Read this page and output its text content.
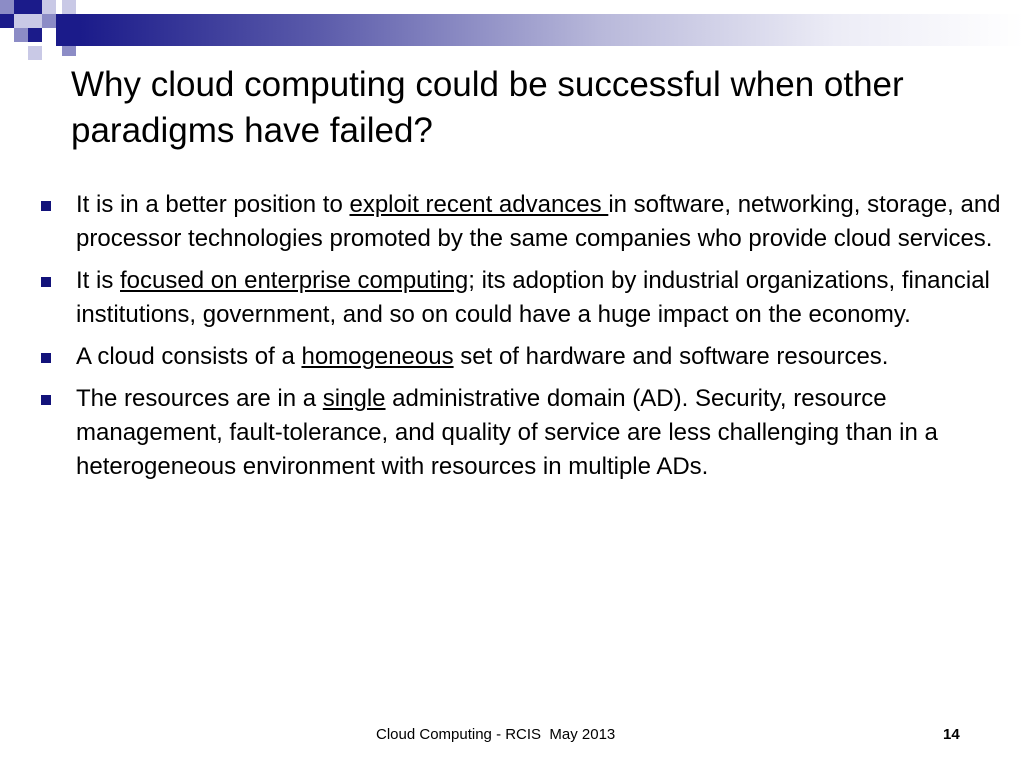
Why cloud computing could be successful when other paradigms have failed?
It is in a better position to exploit recent advances in software, networking, storage, and processor technologies promoted by the same companies who provide cloud services.
It is focused on enterprise computing; its adoption by industrial organizations, financial institutions, government, and so on could have a huge impact on the economy.
A cloud consists of a homogeneous set of hardware and software resources.
The resources are in a single administrative domain (AD). Security, resource management, fault-tolerance, and quality of service are less challenging than in a heterogeneous environment with resources in multiple ADs.
Cloud Computing - RCIS  May 2013	14
